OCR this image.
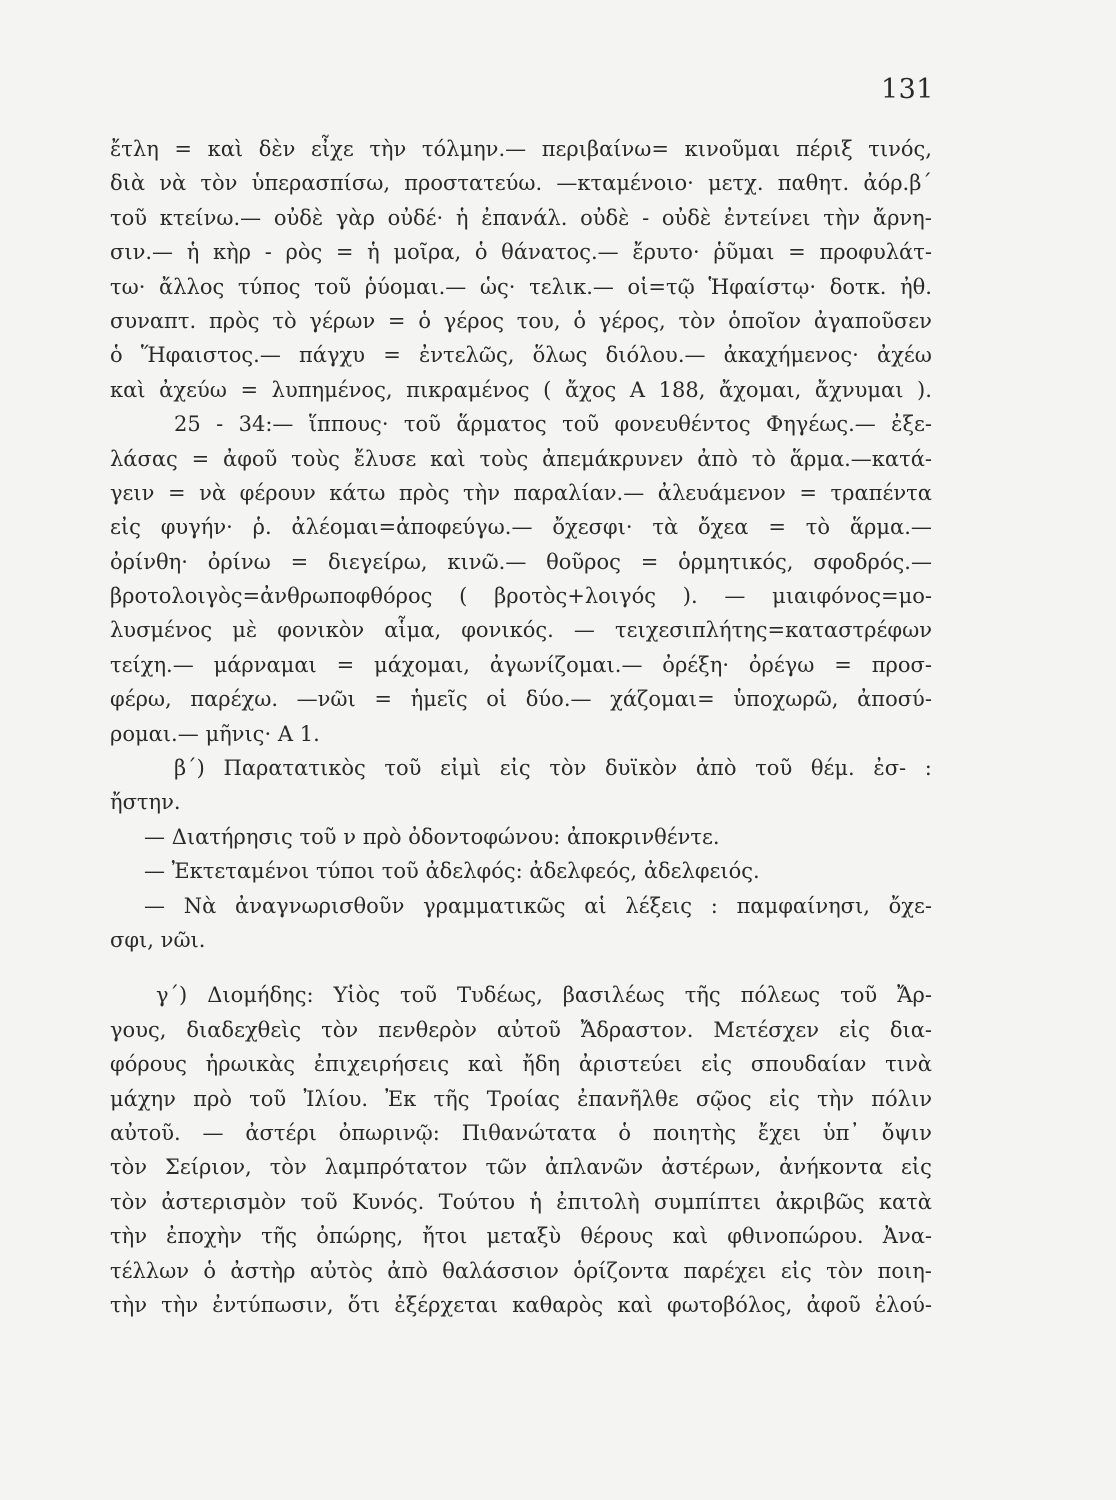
131
ἔτλη = καὶ δὲν εἶχε τὴν τόλμην.— περιβαίνω= κινοῦμαι πέριξ τινός,
διὰ νὰ τὸν ὑπερασπίσω, προστατεύω. —κταμένοιο· μετχ. παθητ. ἀόρ.β΄
τοῦ κτείνω.— οὐδὲ γὰρ οὐδέ· ἡ ἐπανάλ. οὐδὲ - οὐδὲ ἐντείνει τὴν ἄρνη-
σιν.— ἡ κὴρ - ρὸς = ἡ μοῖρα, ὁ θάνατος.— ἔρυτο· ῥῦμαι = προφυλάτ-
τω· ἄλλος τύπος τοῦ ῥύομαι.— ὡς· τελικ.— οἱ=τῷ Ἡφαίστῳ· δοτκ. ἠθ.
συναπτ. πρὸς τὸ γέρων = ὁ γέρος του, ὁ γέρος, τὸν ὁποῖον ἀγαποῦσεν
ὁ Ἥφαιστος.— πάγχυ = ἐντελῶς, ὅλως διόλου.— ἀκαχήμενος· ἀχέω
καὶ ἀχεύω = λυπημένος, πικραμένος ( ἄχος Α 188, ἄχομαι, ἄχνυμαι ).
25 - 34:— ἵππους· τοῦ ἅρματος τοῦ φονευθέντος Φηγέως.— ἐξε-
λάσας = ἀφοῦ τοὺς ἔλυσε καὶ τοὺς ἀπεμάκρυνεν ἀπὸ τὸ ἅρμα.—κατά-
γειν = νὰ φέρουν κάτω πρὸς τὴν παραλίαν.— ἀλευάμενον = τραπέντα
εἰς φυγήν· ῥ. ἀλέομαι=ἀποφεύγω.— ὄχεσφι· τὰ ὄχεα = τὸ ἅρμα.—
ὀρίνθη· ὀρίνω = διεγείρω, κινῶ.— θοῦρος = ὁρμητικός, σφοδρός.—
βροτολοιγὸς=ἀνθρωποφθόρος ( βροτὸς+λοιγός ). — μιαιφόνος=μο-
λυσμένος μὲ φονικὸν αἷμα, φονικός. — τειχεσιπλήτης=καταστρέφων
τείχη.— μάρναμαι = μάχομαι, ἀγωνίζομαι.— ὀρέξη· ὀρέγω = προσ-
φέρω, παρέχω. —νῶι = ἡμεῖς οἱ δύο.— χάζομαι= ὑποχωρῶ, ἀποσύ-
ρομαι.— μῆνις· Α 1.
β΄) Παρατατικὸς τοῦ εἰμὶ εἰς τὸν δυϊκὸν ἀπὸ τοῦ θέμ. ἐσ- :
ἤστην.
— Διατήρησις τοῦ ν πρὸ ὀδοντοφώνου: ἀποκρινθέντε.
— Ἐκτεταμένοι τύποι τοῦ ἀδελφός: ἀδελφεός, ἀδελφειός.
— Νὰ ἀναγνωρισθοῦν γραμματικῶς αἱ λέξεις : παμφαίνησι, ὄχε-
σφι, νῶι.
γ΄) Διομήδης: Υἱὸς τοῦ Τυδέως, βασιλέως τῆς πόλεως τοῦ Ἄρ-
γους, διαδεχθεὶς τὸν πενθερὸν αὐτοῦ Ἄδραστον. Μετέσχεν εἰς δια-
φόρους ἡρωικὰς ἐπιχειρήσεις καὶ ἤδη ἀριστεύει εἰς σπουδαίαν τινὰ
μάχην πρὸ τοῦ Ἰλίου. Ἐκ τῆς Τροίας ἐπανῆλθε σῷος εἰς τὴν πόλιν
αὐτοῦ. — ἀστέρι ὀπωρινῷ: Πιθανώτατα ὁ ποιητὴς ἔχει ὑπ᾽ ὄψιν
τὸν Σείριον, τὸν λαμπρότατον τῶν ἀπλανῶν ἀστέρων, ἀνήκοντα εἰς
τὸν ἀστερισμὸν τοῦ Κυνός. Τούτου ἡ ἐπιτολὴ συμπίπτει ἀκριβῶς κατὰ
τὴν ἐποχὴν τῆς ὀπώρης, ἤτοι μεταξὺ θέρους καὶ φθινοπώρου. Ἀνα-
τέλλων ὁ ἀστὴρ αὐτὸς ἀπὸ θαλάσσιον ὁρίζοντα παρέχει εἰς τὸν ποιη-
τὴν τὴν ἐντύπωσιν, ὅτι ἐξέρχεται καθαρὸς καὶ φωτοβόλος, ἀφοῦ ἐλού-
